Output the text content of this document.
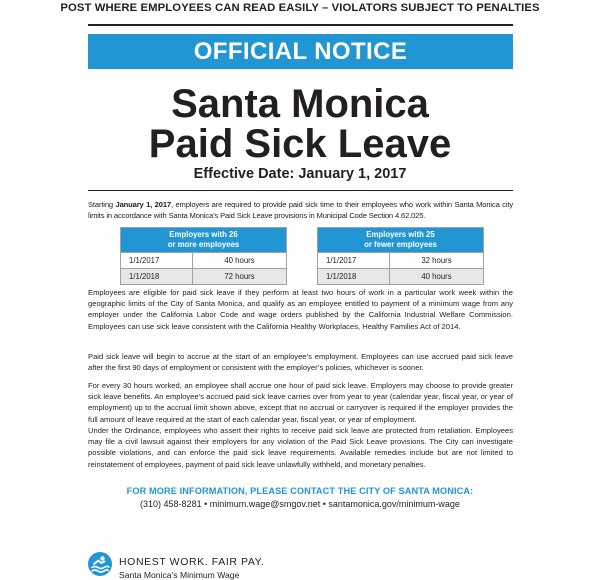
POST WHERE EMPLOYEES CAN READ EASILY – VIOLATORS SUBJECT TO PENALTIES
OFFICIAL NOTICE
Santa Monica
Paid Sick Leave
Effective Date: January 1, 2017
Starting January 1, 2017, employers are required to provide paid sick time to their employees who work within Santa Monica city limits in accordance with Santa Monica’s Paid Sick Leave provisions in Municipal Code Section 4.62.025.
Employers with 26
or more employees
1/1/2017	40 hours
1/1/2018	72 hours
Employers with 25
or fewer employees
1/1/2017	32 hours
1/1/2018	40 hours
Employees are eligible for paid sick leave if they perform at least two hours of work in a particular work week within the geographic limits of the City of Santa Monica, and qualify as an employee entitled to payment of a minimum wage from any employer under the California Labor Code and wage orders published by the California Industrial Welfare Commission. Employees can use sick leave consistent with the California Healthy Workplaces, Healthy Families Act of 2014.
Paid sick leave will begin to accrue at the start of an employee’s employment. Employees can use accrued paid sick leave after the first 90 days of employment or consistent with the employer’s policies, whichever is sooner.
For every 30 hours worked, an employee shall accrue one hour of paid sick leave. Employers may choose to provide greater sick leave benefits. An employee’s accrued paid sick leave carries over from year to year (calendar year, fiscal year, or year of employment) up to the accrual limit shown above, except that no accrual or carryover is required if the employer provides the full amount of leave required at the start of each calendar year, fiscal year, or year of employment.
Under the Ordinance, employees who assert their rights to receive paid sick leave are protected from retaliation. Employees may file a civil lawsuit against their employers for any violation of the Paid Sick Leave provisions. The City can investigate possible violations, and can enforce the paid sick leave requirements. Available remedies include but are not limited to reinstatement of employees, payment of paid sick leave unlawfully withheld, and monetary penalties.
FOR MORE INFORMATION, PLEASE CONTACT THE CITY OF SANTA MONICA:
(310) 458-8281 • minimum.wage@smgov.net • santamonica.gov/minimum-wage
HONEST WORK. FAIR PAY.
Santa Monica’s Minimum Wage
